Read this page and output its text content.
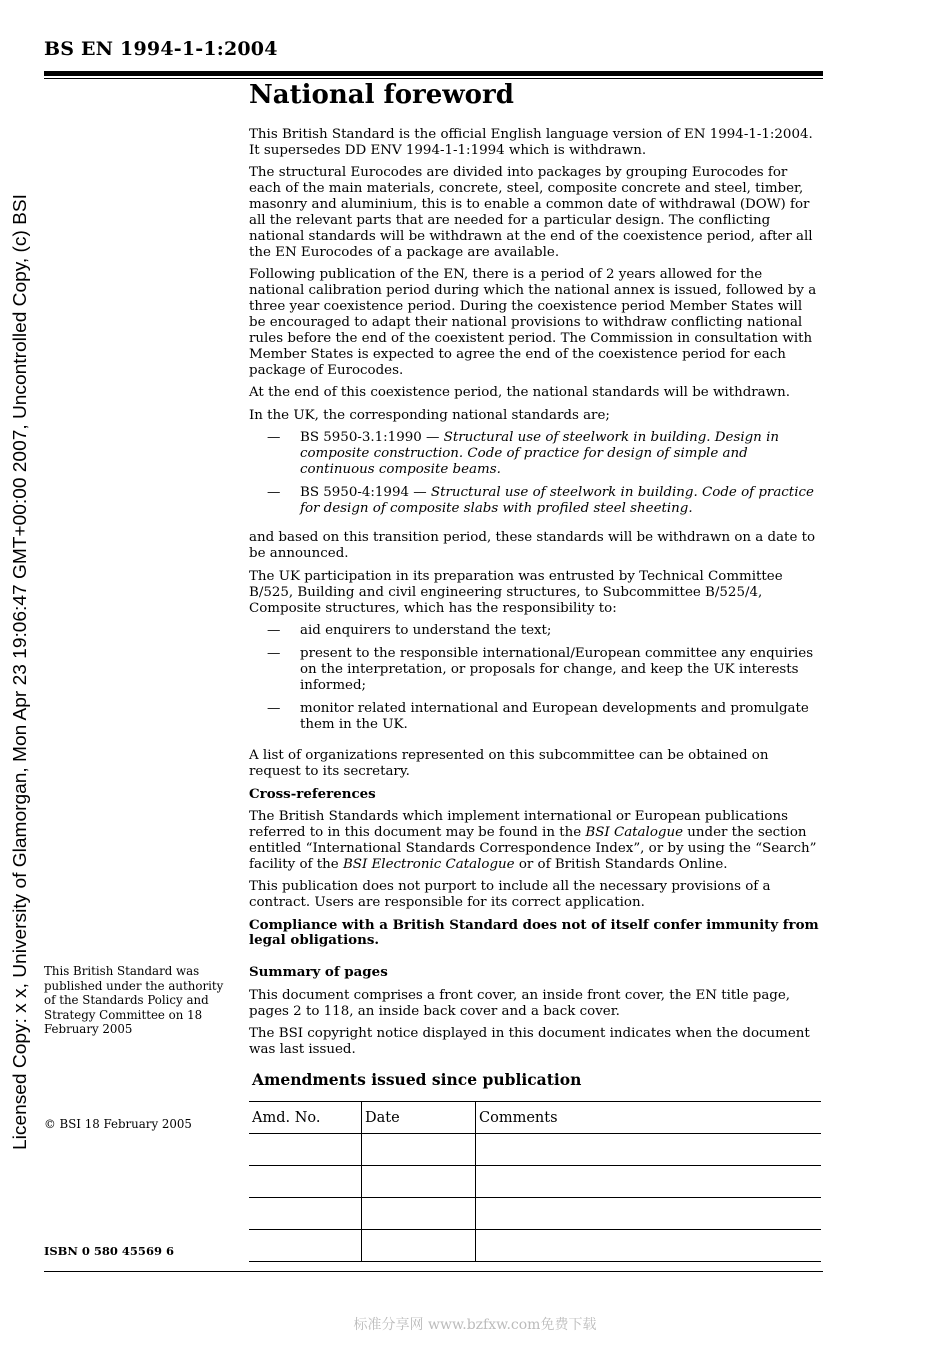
BS EN 1994-1-1:2004
Licensed Copy: x x, University of Glamorgan, Mon Apr 23 19:06:47 GMT+00:00 2007, Uncontrolled Copy, (c) BSI
National foreword

This British Standard is the official English language version of EN 1994-1-1:2004.
It supersedes DD ENV 1994-1-1:1994 which is withdrawn.

The structural Eurocodes are divided into packages by grouping Eurocodes for each of the main materials, concrete, steel, composite concrete and steel, timber, masonry and aluminium, this is to enable a common date of withdrawal (DOW) for all the relevant parts that are needed for a particular design. The conflicting national standards will be withdrawn at the end of the coexistence period, after all the EN Eurocodes of a package are available.

Following publication of the EN, there is a period of 2 years allowed for the national calibration period during which the national annex is issued, followed by a three year coexistence period. During the coexistence period Member States will be encouraged to adapt their national provisions to withdraw conflicting national rules before the end of the coexistent period. The Commission in consultation with Member States is expected to agree the end of the coexistence period for each package of Eurocodes.

At the end of this coexistence period, the national standards will be withdrawn.

In the UK, the corresponding national standards are;

— BS 5950-3.1:1990 — Structural use of steelwork in building. Design in composite construction. Code of practice for design of simple and continuous composite beams.
— BS 5950-4:1994 — Structural use of steelwork in building. Code of practice for design of composite slabs with profiled steel sheeting.

and based on this transition period, these standards will be withdrawn on a date to be announced.

The UK participation in its preparation was entrusted by Technical Committee B/525, Building and civil engineering structures, to Subcommittee B/525/4, Composite structures, which has the responsibility to:

— aid enquirers to understand the text;
— present to the responsible international/European committee any enquiries on the interpretation, or proposals for change, and keep the UK interests informed;
— monitor related international and European developments and promulgate them in the UK.

A list of organizations represented on this subcommittee can be obtained on request to its secretary.

Cross-references

The British Standards which implement international or European publications referred to in this document may be found in the BSI Catalogue under the section entitled “International Standards Correspondence Index”, or by using the “Search” facility of the BSI Electronic Catalogue or of British Standards Online.

This publication does not purport to include all the necessary provisions of a contract. Users are responsible for its correct application.

Compliance with a British Standard does not of itself confer immunity from legal obligations.

Summary of pages

This document comprises a front cover, an inside front cover, the EN title page, pages 2 to 118, an inside back cover and a back cover.

The BSI copyright notice displayed in this document indicates when the document was last issued.

This British Standard was published under the authority of the Standards Policy and Strategy Committee on 18 February 2005
© BSI 18 February 2005
ISBN 0 580 45569 6
Amendments issued since publication
Amd. No.	Date	Comments

标准分享网 www.bzfxw.com免费下载
